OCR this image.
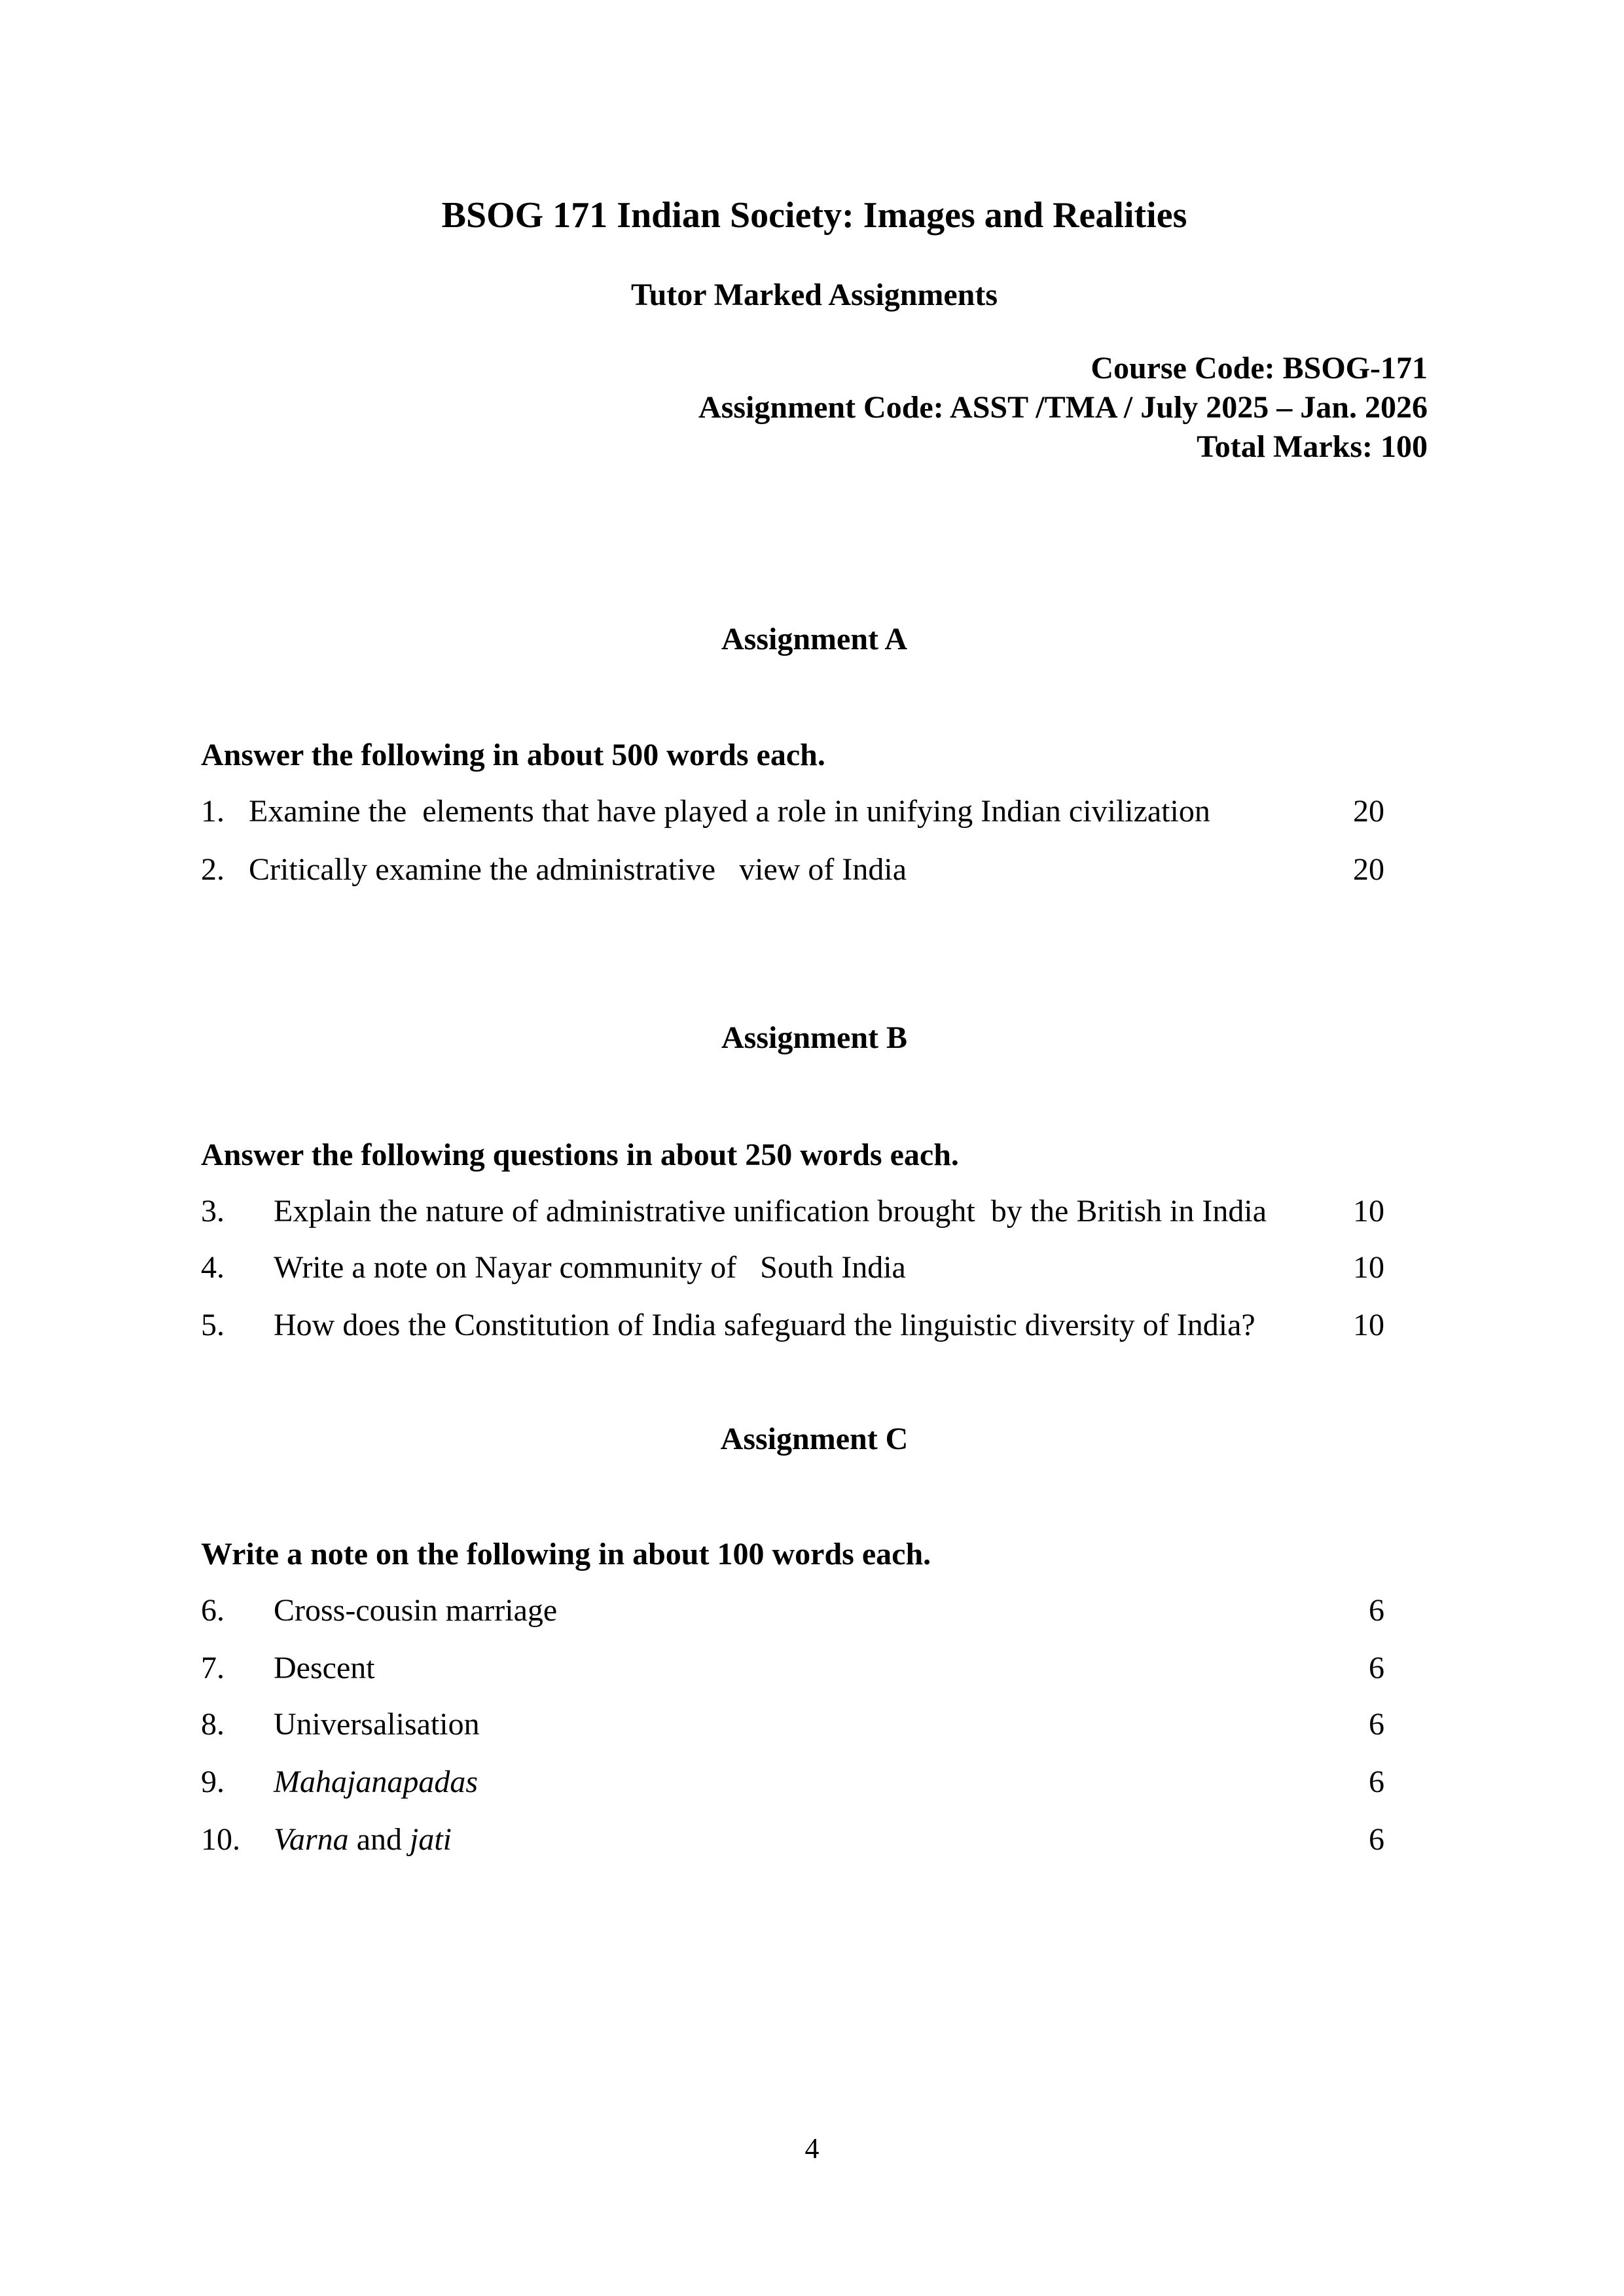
BSOG 171 Indian Society: Images and Realities
Tutor Marked Assignments
Course Code: BSOG-171
Assignment Code: ASST /TMA / July 2025 – Jan. 2026
Total Marks: 100
Assignment A
Answer the following in about 500 words each.
1. Examine the  elements that have played a role in unifying Indian civilization	20
2. Critically examine the administrative   view of India	20
Assignment B
Answer the following questions in about 250 words each.
3.	Explain the nature of administrative unification brought  by the British in India	10
4.	Write a note on Nayar community of   South India	10
5.	How does the Constitution of India safeguard the linguistic diversity of India?	10
Assignment C
Write a note on the following in about 100 words each.
6.	Cross-cousin marriage	6
7.	Descent	6
8.	Universalisation	6
9.	Mahajanapadas	6
10.	Varna and jati	6
4
